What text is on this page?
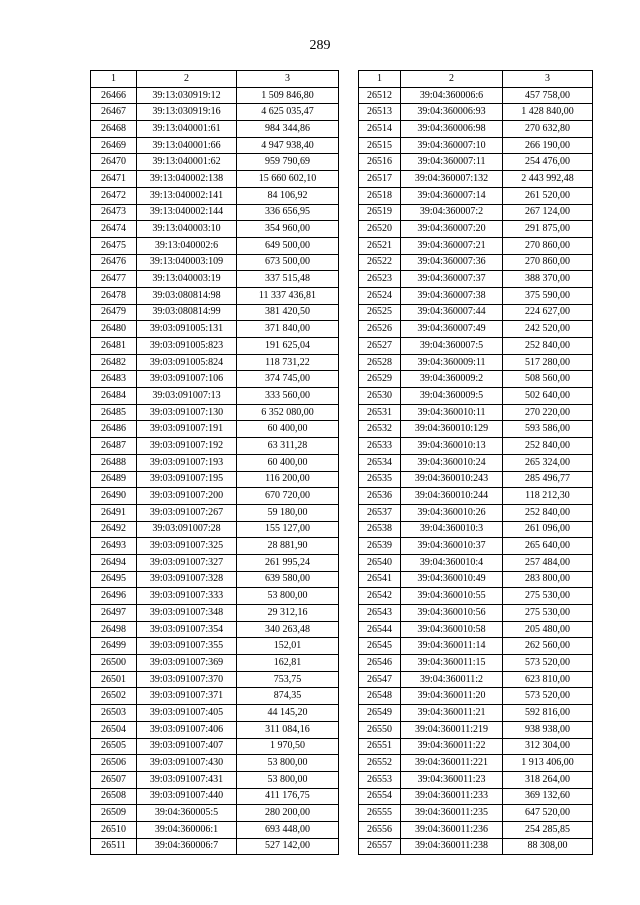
289
1	2	3
26466	39:13:030919:12	1 509 846,80
26467	39:13:030919:16	4 625 035,47
26468	39:13:040001:61	984 344,86
26469	39:13:040001:66	4 947 938,40
26470	39:13:040001:62	959 790,69
26471	39:13:040002:138	15 660 602,10
26472	39:13:040002:141	84 106,92
26473	39:13:040002:144	336 656,95
26474	39:13:040003:10	354 960,00
26475	39:13:040002:6	649 500,00
26476	39:13:040003:109	673 500,00
26477	39:13:040003:19	337 515,48
26478	39:03:080814:98	11 337 436,81
26479	39:03:080814:99	381 420,50
26480	39:03:091005:131	371 840,00
26481	39:03:091005:823	191 625,04
26482	39:03:091005:824	118 731,22
26483	39:03:091007:106	374 745,00
26484	39:03:091007:13	333 560,00
26485	39:03:091007:130	6 352 080,00
26486	39:03:091007:191	60 400,00
26487	39:03:091007:192	63 311,28
26488	39:03:091007:193	60 400,00
26489	39:03:091007:195	116 200,00
26490	39:03:091007:200	670 720,00
26491	39:03:091007:267	59 180,00
26492	39:03:091007:28	155 127,00
26493	39:03:091007:325	28 881,90
26494	39:03:091007:327	261 995,24
26495	39:03:091007:328	639 580,00
26496	39:03:091007:333	53 800,00
26497	39:03:091007:348	29 312,16
26498	39:03:091007:354	340 263,48
26499	39:03:091007:355	152,01
26500	39:03:091007:369	162,81
26501	39:03:091007:370	753,75
26502	39:03:091007:371	874,35
26503	39:03:091007:405	44 145,20
26504	39:03:091007:406	311 084,16
26505	39:03:091007:407	1 970,50
26506	39:03:091007:430	53 800,00
26507	39:03:091007:431	53 800,00
26508	39:03:091007:440	411 176,75
26509	39:04:360005:5	280 200,00
26510	39:04:360006:1	693 448,00
26511	39:04:360006:7	527 142,00
1	2	3
26512	39:04:360006:6	457 758,00
26513	39:04:360006:93	1 428 840,00
26514	39:04:360006:98	270 632,80
26515	39:04:360007:10	266 190,00
26516	39:04:360007:11	254 476,00
26517	39:04:360007:132	2 443 992,48
26518	39:04:360007:14	261 520,00
26519	39:04:360007:2	267 124,00
26520	39:04:360007:20	291 875,00
26521	39:04:360007:21	270 860,00
26522	39:04:360007:36	270 860,00
26523	39:04:360007:37	388 370,00
26524	39:04:360007:38	375 590,00
26525	39:04:360007:44	224 627,00
26526	39:04:360007:49	242 520,00
26527	39:04:360007:5	252 840,00
26528	39:04:360009:11	517 280,00
26529	39:04:360009:2	508 560,00
26530	39:04:360009:5	502 640,00
26531	39:04:360010:11	270 220,00
26532	39:04:360010:129	593 586,00
26533	39:04:360010:13	252 840,00
26534	39:04:360010:24	265 324,00
26535	39:04:360010:243	285 496,77
26536	39:04:360010:244	118 212,30
26537	39:04:360010:26	252 840,00
26538	39:04:360010:3	261 096,00
26539	39:04:360010:37	265 640,00
26540	39:04:360010:4	257 484,00
26541	39:04:360010:49	283 800,00
26542	39:04:360010:55	275 530,00
26543	39:04:360010:56	275 530,00
26544	39:04:360010:58	205 480,00
26545	39:04:360011:14	262 560,00
26546	39:04:360011:15	573 520,00
26547	39:04:360011:2	623 810,00
26548	39:04:360011:20	573 520,00
26549	39:04:360011:21	592 816,00
26550	39:04:360011:219	938 938,00
26551	39:04:360011:22	312 304,00
26552	39:04:360011:221	1 913 406,00
26553	39:04:360011:23	318 264,00
26554	39:04:360011:233	369 132,60
26555	39:04:360011:235	647 520,00
26556	39:04:360011:236	254 285,85
26557	39:04:360011:238	88 308,00
